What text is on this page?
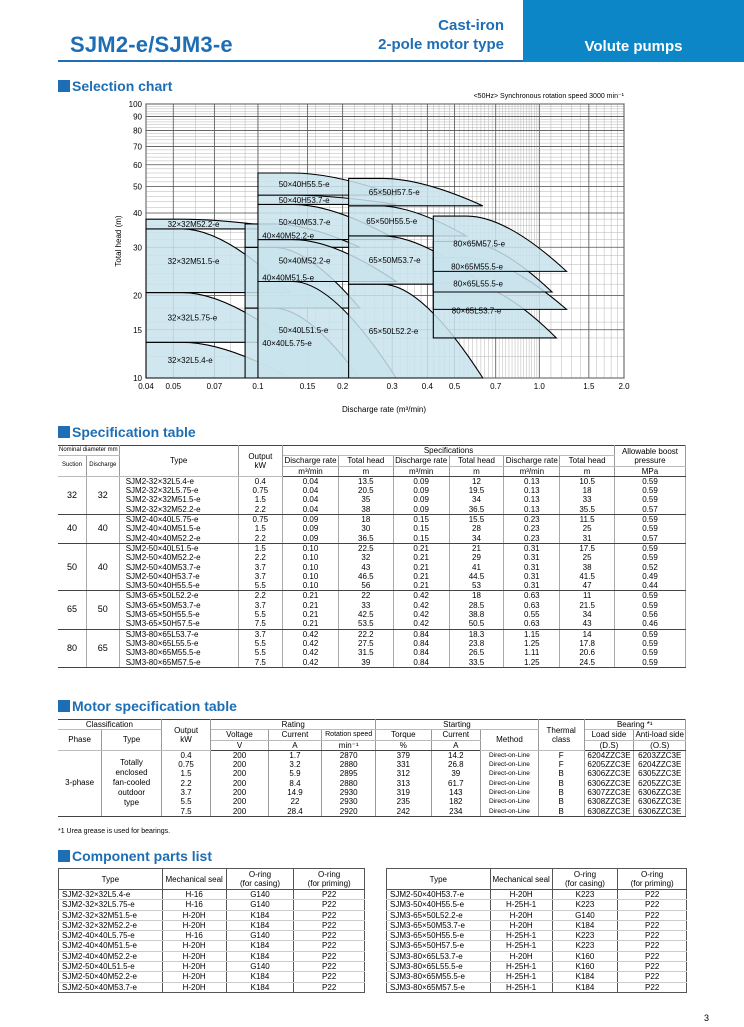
SJM2-e/SJM3-e
Cast-iron
2-pole motor type	Volute pumps
Selection chart
0.04 0.05	0.07	0.1	0.15	0.2	0.3	0.4 0.5	0.7	1.0	1.5	2.0
10
15
20
30
40
50
60
70
80
90
100
32×32L5.4-e
32×32L5.75-e
32×32M51.5-e
32×32M52.2-e
40×40L5.75-e
40×40M51.5-e
40×40M52.2-e
50×40L51.5-e
50×40M52.2-e
50×40M53.7-e
50×40H53.7-e
50×40H55.5-e
65×50L52.2-e
65×50M53.7-e
65×50H55.5-e
65×50H57.5-e
80×65L53.7-e
80×65L55.5-e
80×65M55.5-e
80×65M57.5-e
<50Hz> Synchronous rotation speed 3000 min⁻¹
Discharge rate (m³/min)
Total head (m)
Specification table
Nominal diameter mm		Type	Output
kW	Specifications						Allowable boost
pressure
Suction	Discharge			Discharge rate	Total head	Discharge rate	Total head	Discharge rate	Total head	
				m³/min	m	m³/min	m	m³/min	m	MPa
32	32	SJM2-32×32L5.4-e	0.4	0.04	13.5	0.09	12	0.13	10.5	0.59
		SJM2-32×32L5.75-e	0.75	0.04	20.5	0.09	19.5	0.13	18	0.59
		SJM2-32×32M51.5-e	1.5	0.04	35	0.09	34	0.13	33	0.59
		SJM2-32×32M52.2-e	2.2	0.04	38	0.09	36.5	0.13	35.5	0.57
40	40	SJM2-40×40L5.75-e	0.75	0.09	18	0.15	15.5	0.23	11.5	0.59
		SJM2-40×40M51.5-e	1.5	0.09	30	0.15	28	0.23	25	0.59
		SJM2-40×40M52.2-e	2.2	0.09	36.5	0.15	34	0.23	31	0.57
50	40	SJM2-50×40L51.5-e	1.5	0.10	22.5	0.21	21	0.31	17.5	0.59
		SJM2-50×40M52.2-e	2.2	0.10	32	0.21	29	0.31	25	0.59
		SJM2-50×40M53.7-e	3.7	0.10	43	0.21	41	0.31	38	0.52
		SJM2-50×40H53.7-e	3.7	0.10	46.5	0.21	44.5	0.31	41.5	0.49
		SJM3-50×40H55.5-e	5.5	0.10	56	0.21	53	0.31	47	0.44
65	50	SJM3-65×50L52.2-e	2.2	0.21	22	0.42	18	0.63	11	0.59
		SJM3-65×50M53.7-e	3.7	0.21	33	0.42	28.5	0.63	21.5	0.59
		SJM3-65×50H55.5-e	5.5	0.21	42.5	0.42	38.8	0.55	34	0.56
		SJM3-65×50H57.5-e	7.5	0.21	53.5	0.42	50.5	0.63	43	0.46
80	65	SJM3-80×65L53.7-e	3.7	0.42	22.2	0.84	18.3	1.15	14	0.59
		SJM3-80×65L55.5-e	5.5	0.42	27.5	0.84	23.8	1.25	17.8	0.59
		SJM3-80×65M55.5-e	5.5	0.42	31.5	0.84	26.5	1.11	20.6	0.59
		SJM3-80×65M57.5-e	7.5	0.42	39	0.84	33.5	1.25	24.5	0.59
Motor specification table
Classification		Output
kW	Rating			Starting			Thermal
class	Bearing *¹	
Phase	Type		Voltage	Current	Rotation speed	Torque	Current	Method		Load side	Anti-load side
			V	A	min⁻¹	%	A			(D.S)	(O.S)
3-phase	Totally
enclosed
fan-cooled
outdoor
type	0.4	200	1.7	2870	379	14.2	Direct-on-Line	F	6204ZZC3E	6203ZZC3E
		0.75	200	3.2	2880	331	26.8	Direct-on-Line	F	6205ZZC3E	6204ZZC3E
		1.5	200	5.9	2895	312	39	Direct-on-Line	B	6306ZZC3E	6305ZZC3E
		2.2	200	8.4	2880	313	61.7	Direct-on-Line	B	6306ZZC3E	6205ZZC3E
		3.7	200	14.9	2930	319	143	Direct-on-Line	B	6307ZZC3E	6306ZZC3E
		5.5	200	22	2930	235	182	Direct-on-Line	B	6308ZZC3E	6306ZZC3E
		7.5	200	28.4	2920	242	234	Direct-on-Line	B	6308ZZC3E	6306ZZC3E
*1 Urea grease is used for bearings.
Component parts list
Type	Mechanical seal	O-ring
(for casing)	O-ring
(for priming)
SJM2-32×32L5.4-e	H-16	G140	P22
SJM2-32×32L5.75-e	H-16	G140	P22
SJM2-32×32M51.5-e	H-20H	K184	P22
SJM2-32×32M52.2-e	H-20H	K184	P22
SJM2-40×40L5.75-e	H-16	G140	P22
SJM2-40×40M51.5-e	H-20H	K184	P22
SJM2-40×40M52.2-e	H-20H	K184	P22
SJM2-50×40L51.5-e	H-20H	G140	P22
SJM2-50×40M52.2-e	H-20H	K184	P22
SJM2-50×40M53.7-e	H-20H	K184	P22
Type	Mechanical seal	O-ring
(for casing)	O-ring
(for priming)
SJM2-50×40H53.7-e	H-20H	K223	P22
SJM3-50×40H55.5-e	H-25H-1	K223	P22
SJM3-65×50L52.2-e	H-20H	G140	P22
SJM3-65×50M53.7-e	H-20H	K184	P22
SJM3-65×50H55.5-e	H-25H-1	K223	P22
SJM3-65×50H57.5-e	H-25H-1	K223	P22
SJM3-80×65L53.7-e	H-20H	K160	P22
SJM3-80×65L55.5-e	H-25H-1	K160	P22
SJM3-80×65M55.5-e	H-25H-1	K184	P22
SJM3-80×65M57.5-e	H-25H-1	K184	P22
3
